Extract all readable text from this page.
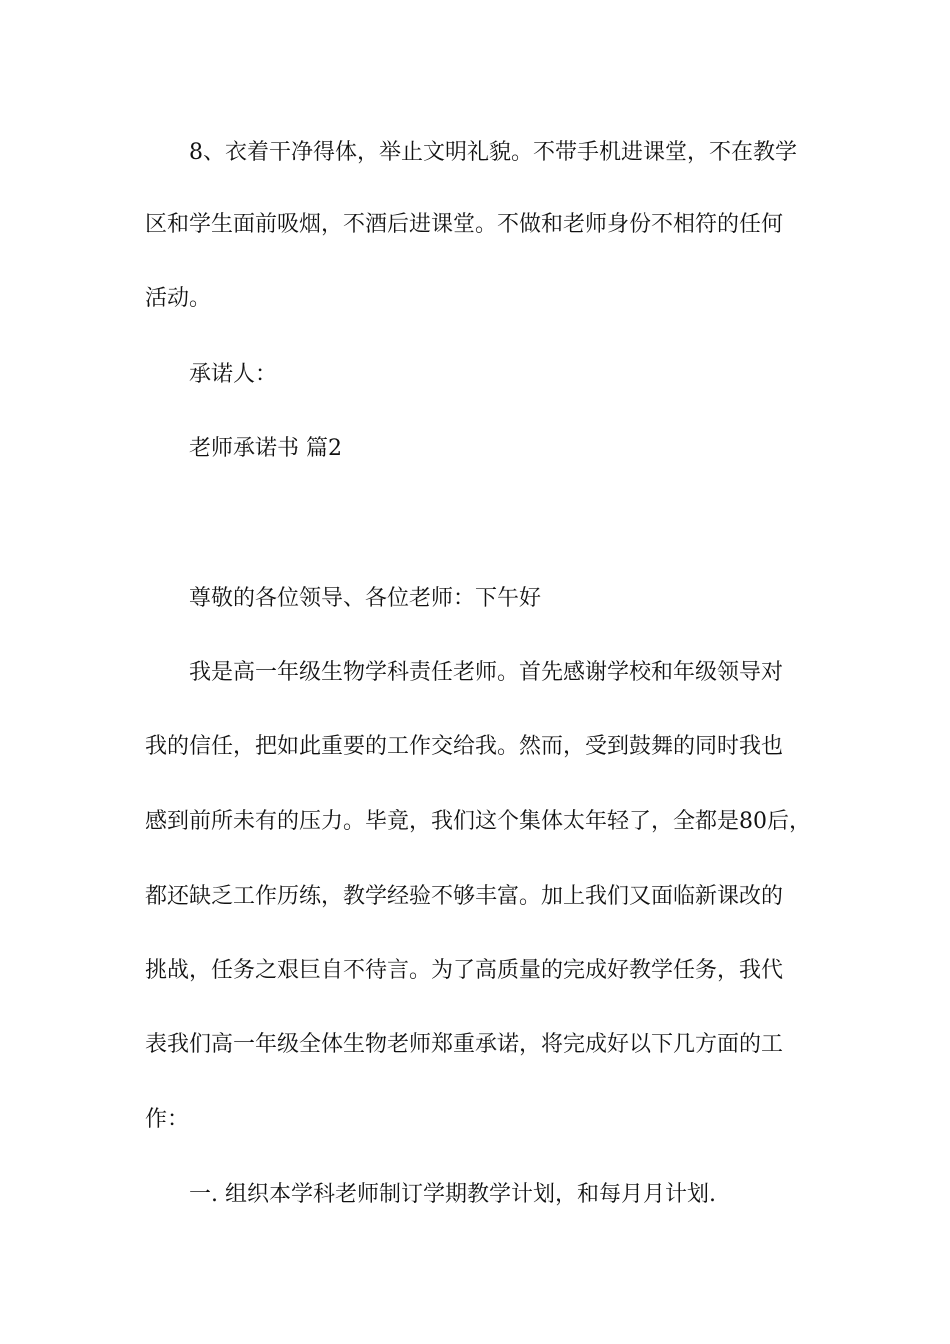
8、衣着干净得体，举止文明礼貌。不带手机进课堂，不在教学
区和学生面前吸烟，不酒后进课堂。不做和老师身份不相符的任何
活动。
承诺人：
老师承诺书 篇2
尊敬的各位领导、各位老师：下午好
我是高一年级生物学科责任老师。首先感谢学校和年级领导对
我的信任，把如此重要的工作交给我。然而，受到鼓舞的同时我也
感到前所未有的压力。毕竟，我们这个集体太年轻了，全都是80后，
都还缺乏工作历练，教学经验不够丰富。加上我们又面临新课改的
挑战，任务之艰巨自不待言。为了高质量的完成好教学任务，我代
表我们高一年级全体生物老师郑重承诺，将完成好以下几方面的工
作：
一. 组织本学科老师制订学期教学计划，和每月月计划.
